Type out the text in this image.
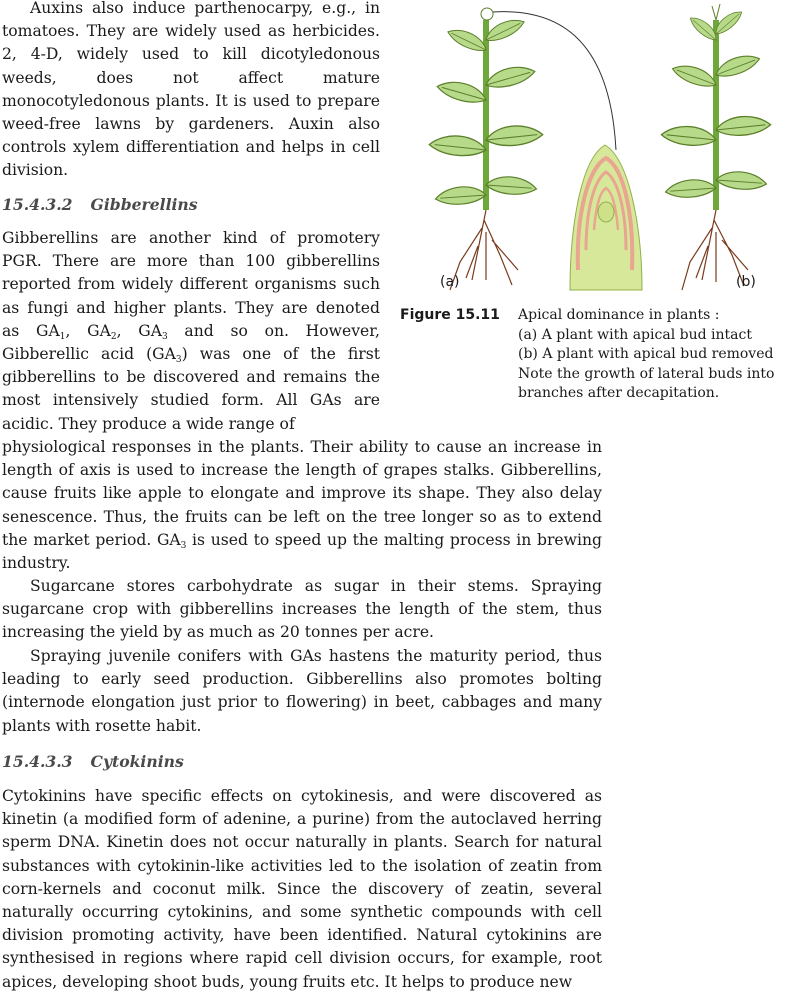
Auxins also induce parthenocarpy, e.g., in tomatoes. They are widely used as herbicides. 2, 4-D, widely used to kill dicotyledonous weeds, does not affect mature monocotyledonous plants. It is used to prepare weed-free lawns by gardeners. Auxin also controls xylem differentiation and helps in cell division.

15.4.3.2 Gibberellins

Gibberellins are another kind of promotery PGR. There are more than 100 gibberellins reported from widely different organisms such as fungi and higher plants. They are denoted as $GA_1$, $GA_2$, $GA_3$ and so on. However, Gibberellic acid $(GA_3)$ was one of the first gibberellins to be discovered and remains the most intensively studied form. All GAs are acidic. They produce a wide range of

physiological responses in the plants. Their ability to cause an increase in length of axis is used to increase the length of grapes stalks. Gibberellins, cause fruits like apple to elongate and improve its shape. They also delay senescence. Thus, the fruits can be left on the tree longer so as to extend the market period. $GA_3$ is used to speed up the malting process in brewing industry.

Sugarcane stores carbohydrate as sugar in their stems. Spraying sugarcane crop with gibberellins increases the length of the stem, thus increasing the yield by as much as 20 tonnes per acre.

Spraying juvenile conifers with GAs hastens the maturity period, thus leading to early seed production. Gibberellins also promotes bolting (internode elongation just prior to flowering) in beet, cabbages and many plants with rosette habit.

15.4.3.3 Cytokinins

Cytokinins have specific effects on cytokinesis, and were discovered as kinetin (a modified form of adenine, a purine) from the autoclaved herring sperm DNA. Kinetin does not occur naturally in plants. Search for natural substances with cytokinin-like activities led to the isolation of zeatin from corn-kernels and coconut milk. Since the discovery of zeatin, several naturally occurring cytokinins, and some synthetic compounds with cell division promoting activity, have been identified. Natural cytokinins are synthesised in regions where rapid cell division occurs, for example, root apices, developing shoot buds, young fruits etc. It helps to produce new

(a)	(b)
Figure 15.11 Apical dominance in plants :
(a) A plant with apical bud intact
(b) A plant with apical bud removed
Note the growth of lateral buds into
branches after decapitation.
